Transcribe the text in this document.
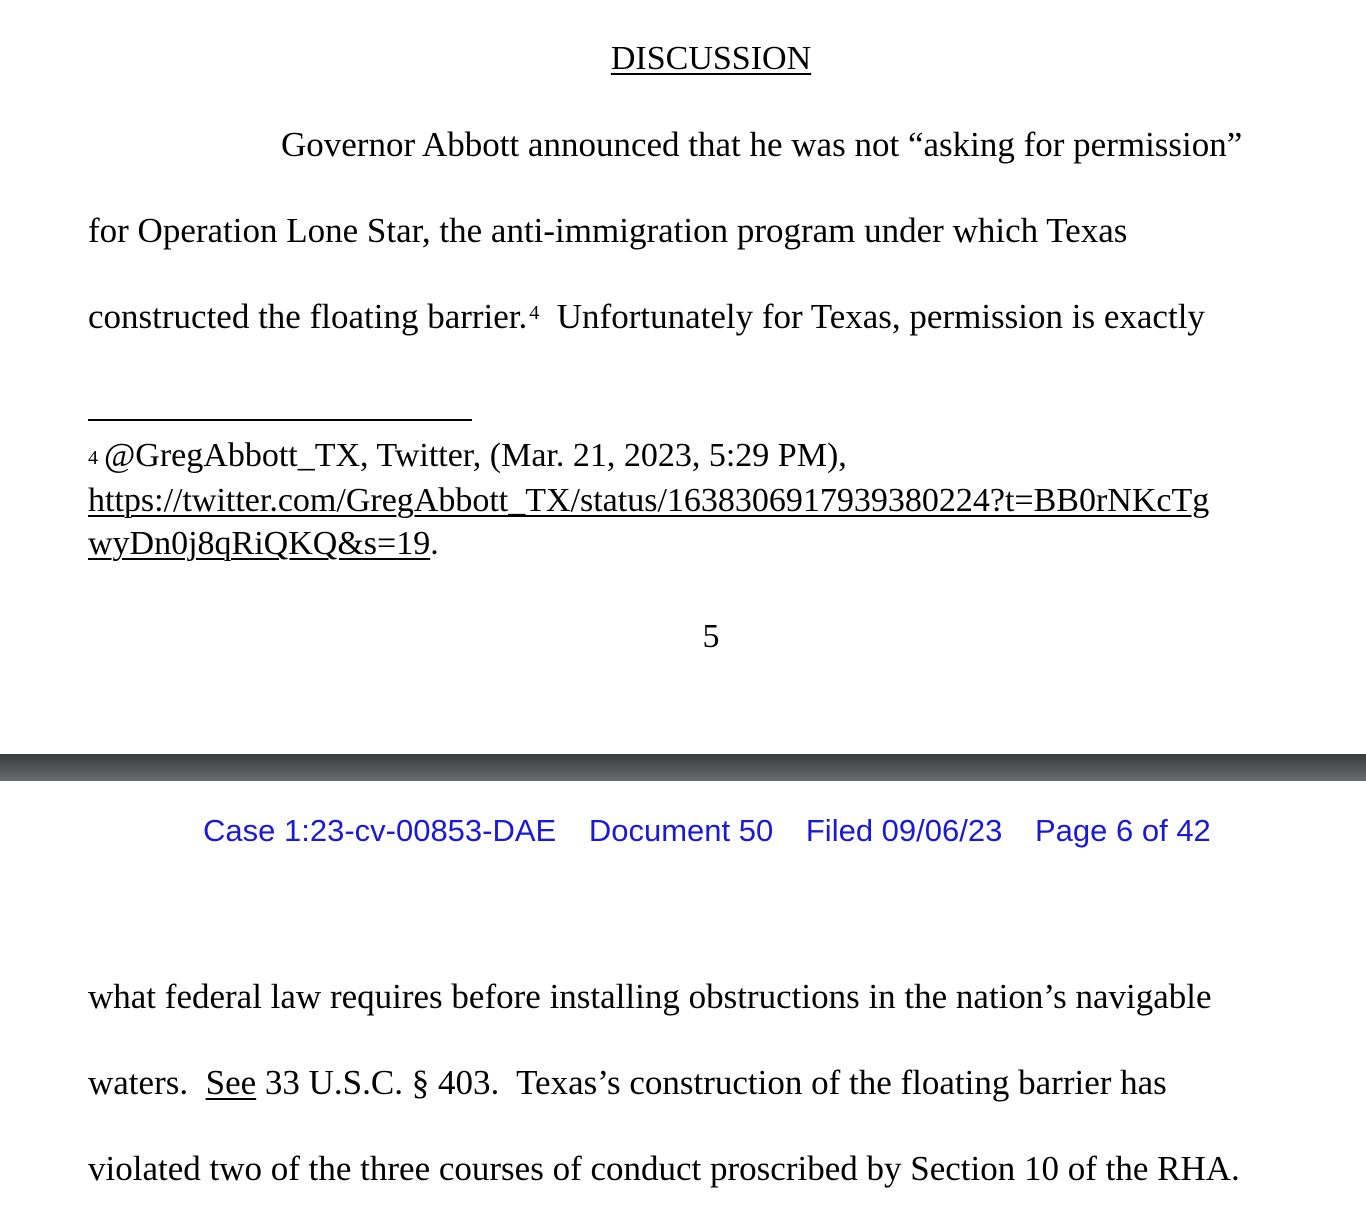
DISCUSSION
Governor Abbott announced that he was not “asking for permission”
for Operation Lone Star, the anti-immigration program under which Texas
constructed the floating barrier. $^4$  Unfortunately for Texas, permission is exactly
$^4$ @GregAbbott_TX, Twitter, (Mar. 21, 2023, 5:29 PM),
https://twitter.com/GregAbbott_TX/status/1638306917939380224?t=BB0rNKcTg
wyDn0j8qRiQKQ&s=19.
5
Case 1:23-cv-00853-DAE Document 50 Filed 09/06/23 Page 6 of 42
what federal law requires before installing obstructions in the nation’s navigable
waters.  See 33 U.S.C. § 403.  Texas’s construction of the floating barrier has
violated two of the three courses of conduct proscribed by Section 10 of the RHA.
